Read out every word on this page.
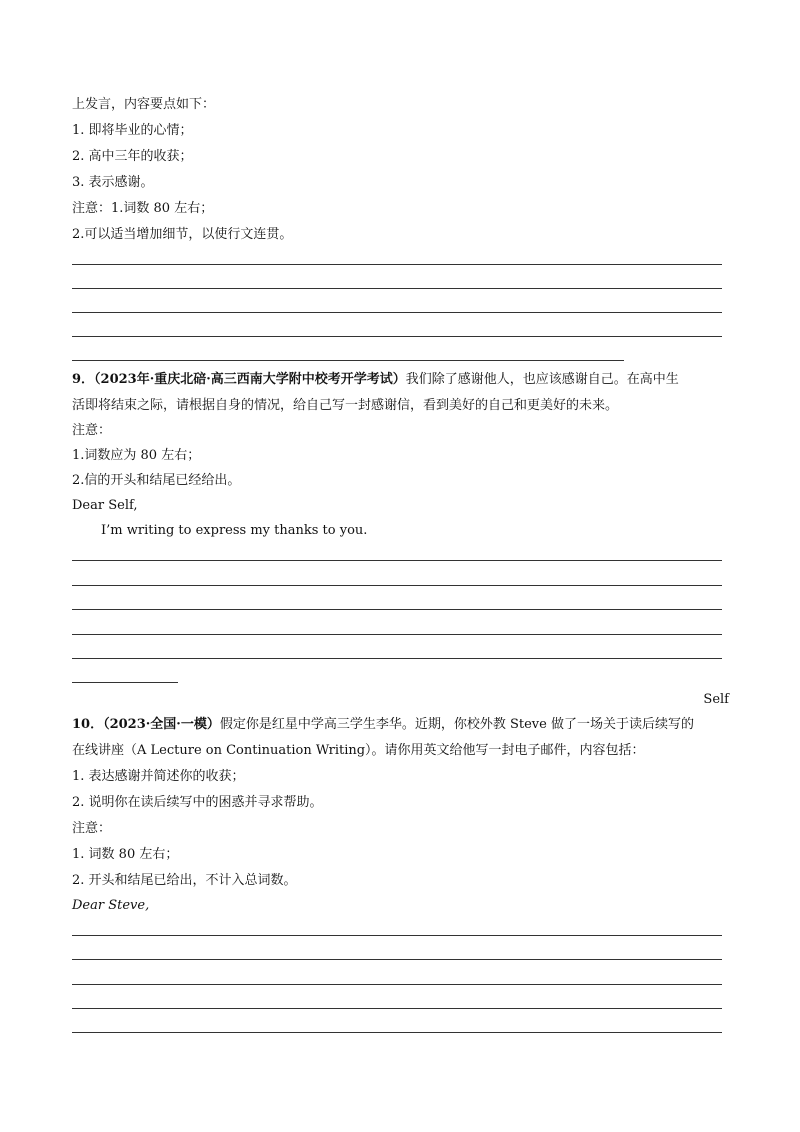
上发言，内容要点如下：
1. 即将毕业的心情；
2. 高中三年的收获；
3. 表示感谢。
注意：1.词数 80 左右；
2.可以适当增加细节，以使行文连贯。
9．（2023年·重庆北碚·高三西南大学附中校考开学考试）我们除了感谢他人，也应该感谢自己。在高中生
活即将结束之际，请根据自身的情况，给自己写一封感谢信，看到美好的自己和更美好的未来。
注意：
1.词数应为 80 左右；
2.信的开头和结尾已经给出。
Dear Self,
I’m writing to express my thanks to you.
Self
10．（2023·全国·一模）假定你是红星中学高三学生李华。近期，你校外教 Steve 做了一场关于读后续写的
在线讲座（A Lecture on Continuation Writing）。请你用英文给他写一封电子邮件，内容包括：
1. 表达感谢并简述你的收获；
2. 说明你在读后续写中的困惑并寻求帮助。
注意：
1. 词数 80 左右；
2. 开头和结尾已给出，不计入总词数。
Dear Steve,
